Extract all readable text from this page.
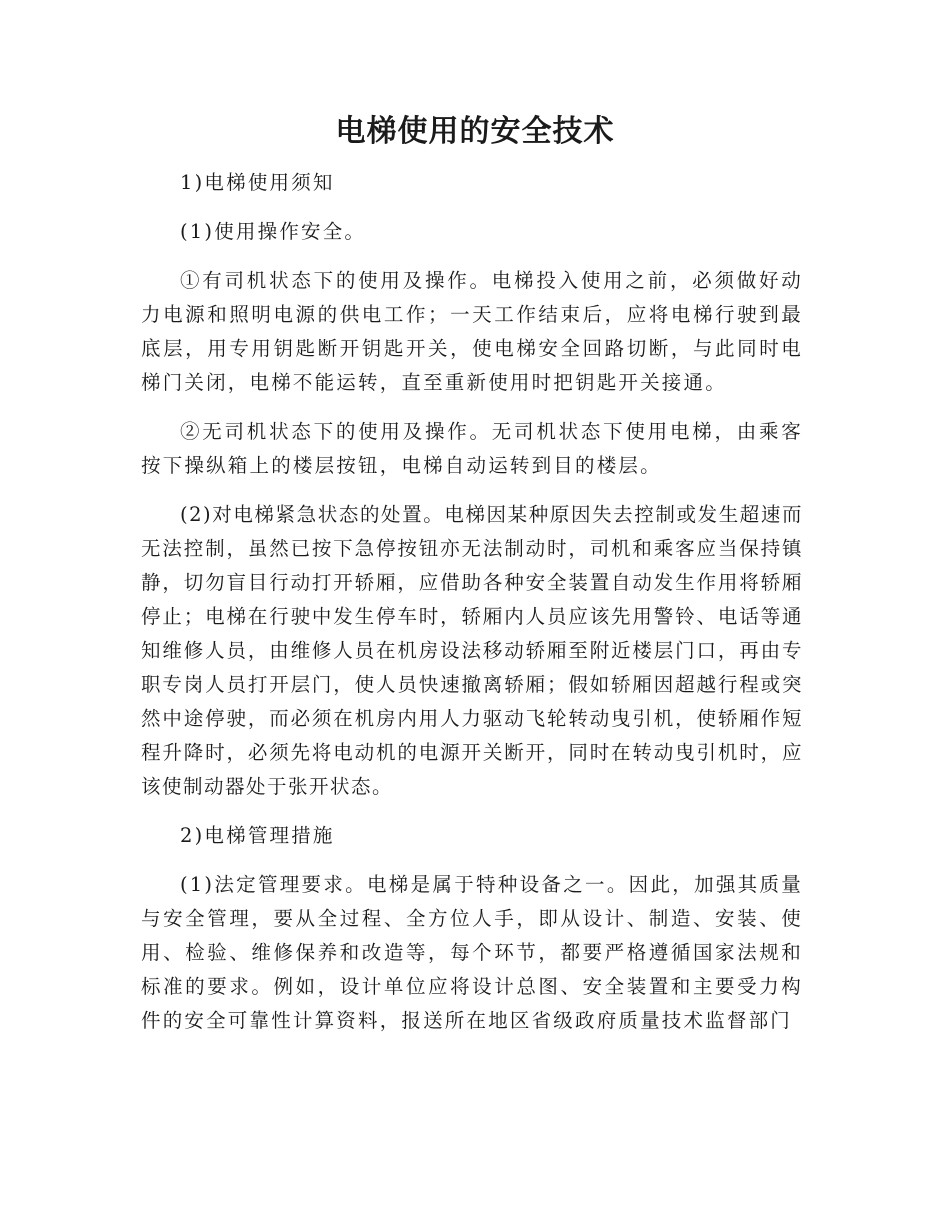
电梯使用的安全技术

1)电梯使用须知

(1)使用操作安全。

①有司机状态下的使用及操作。电梯投入使用之前，必须做好动力电源和照明电源的供电工作；一天工作结束后，应将电梯行驶到最底层，用专用钥匙断开钥匙开关，使电梯安全回路切断，与此同时电梯门关闭，电梯不能运转，直至重新使用时把钥匙开关接通。

②无司机状态下的使用及操作。无司机状态下使用电梯，由乘客按下操纵箱上的楼层按钮，电梯自动运转到目的楼层。

(2)对电梯紧急状态的处置。电梯因某种原因失去控制或发生超速而无法控制，虽然已按下急停按钮亦无法制动时，司机和乘客应当保持镇静，切勿盲目行动打开轿厢，应借助各种安全装置自动发生作用将轿厢停止；电梯在行驶中发生停车时，轿厢内人员应该先用警铃、电话等通知维修人员，由维修人员在机房设法移动轿厢至附近楼层门口，再由专职专岗人员打开层门，使人员快速撤离轿厢；假如轿厢因超越行程或突然中途停驶，而必须在机房内用人力驱动飞轮转动曳引机，使轿厢作短程升降时，必须先将电动机的电源开关断开，同时在转动曳引机时，应该使制动器处于张开状态。

2)电梯管理措施

(1)法定管理要求。电梯是属于特种设备之一。因此，加强其质量与安全管理，要从全过程、全方位人手，即从设计、制造、安装、使用、检验、维修保养和改造等，每个环节，都要严格遵循国家法规和标准的要求。例如，设计单位应将设计总图、安全装置和主要受力构件的安全可靠性计算资料，报送所在地区省级政府质量技术监督部门
